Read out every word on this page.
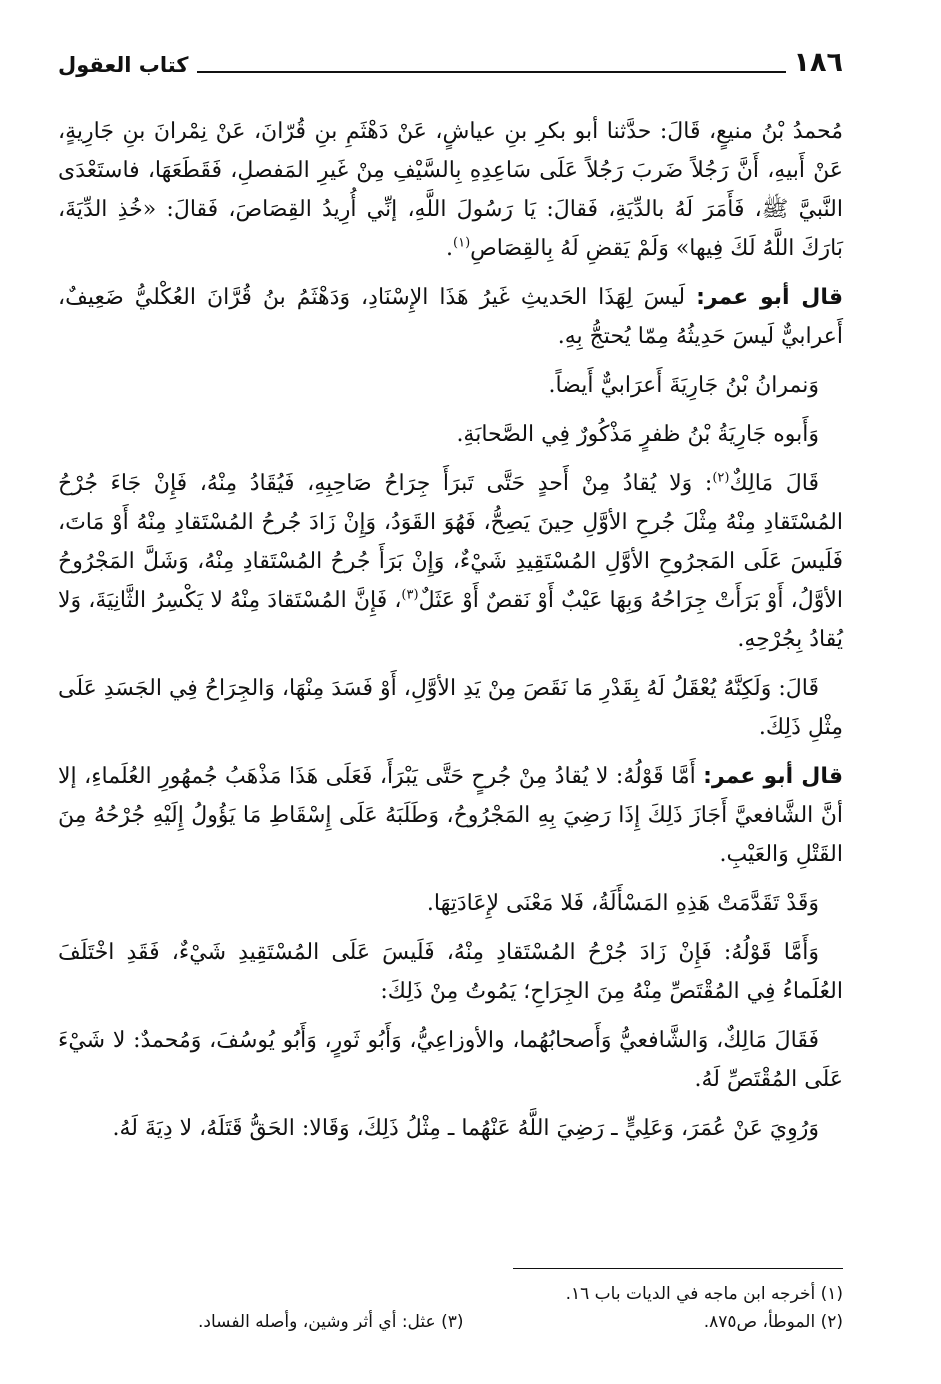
كتاب العقول	١٨٦

مُحمدُ بْنُ منيعٍ، قَالَ: حدَّثنا أبو بكرِ بنِ عياشٍ، عَنْ دَهْثَمِ بنِ قُرّانَ، عَنْ نِمْرانَ بنِ جَارِيةٍ، عَنْ أَبيهِ، أَنَّ رَجُلاً ضَربَ رَجُلاً عَلَى سَاعِدِهِ بِالسَّيْفِ مِنْ غَيرِ المَفصلِ، فَقَطَعَهَا، فاستَعْدَى النَّبيَّ ﷺ، فَأَمَرَ لَهُ بالدِّيَةِ، فَقالَ: يَا رَسُولَ اللَّهِ، إنِّي أُرِيدُ القِصَاصَ، فَقالَ: «خُذِ الدِّيَةَ، بَارَكَ اللَّهُ لَكَ فِيها» وَلَمْ يَقضِ لَهُ بِالقِصَاصِ$^{(١)}$.

قال أبو عمر: لَيسَ لِهَذَا الحَديثِ غَيرُ هَذَا الإِسْنَادِ، وَدَهْثَمُ بنُ قُرَّانَ العُكْليُّ ضَعِيفٌ، أَعرابيٌّ لَيسَ حَدِيثُهُ مِمّا يُحتجُّ بِهِ.

وَنمرانُ بْنُ جَارِيَةَ أَعرَابيٌّ أَيضاً.

وَأَبوه جَارِيَةُ بْنُ ظفرٍ مَذْكُورٌ فِي الصَّحابَةِ.

قَالَ مَالِكٌ$^{(٢)}$: وَلا يُقادُ مِنْ أَحدٍ حَتَّى تَبرَأَ جِرَاحُ صَاحِبِهِ، فَيُقَادُ مِنْهُ، فَإِنْ جَاءَ جُرْحُ المُسْتَقادِ مِنْهُ مِثْلَ جُرحِ الأوَّلِ حِينَ يَصِحُّ، فَهُوَ القَوَدُ، وَإِنْ زَادَ جُرحُ المُسْتَقادِ مِنْهُ أَوْ مَاتَ، فَلَيسَ عَلَى المَجرُوحِ الأوَّلِ المُسْتَقِيدِ شَيْءٌ، وَإِنْ بَرَأَ جُرحُ المُسْتَقادِ مِنْهُ، وَشَلَّ المَجْرُوحُ الأوَّلُ، أَوْ بَرَأَتْ جِرَاحُهُ وَبِهَا عَيْبٌ أَوْ نَقصٌ أَوْ عَثَلٌ$^{(٣)}$، فَإِنَّ المُسْتَقادَ مِنْهُ لا يَكْسِرُ الثَّانِيَةَ، وَلا يُقادُ بِجُرْحِهِ.

قَالَ: وَلَكِنَّهُ يُعْقَلُ لَهُ بِقَدْرِ مَا نَقَصَ مِنْ يَدِ الأوَّلِ، أَوْ فَسَدَ مِنْهَا، وَالجِرَاحُ فِي الجَسَدِ عَلَى مِثْلِ ذَلِكَ.

قال أبو عمر: أَمَّا قَوْلُهُ: لا يُقادُ مِنْ جُرحٍ حَتَّى يَبْرَأَ، فَعَلَى هَذَا مَذْهَبُ جُمهُورِ العُلَماءِ، إلا أنَّ الشَّافعيَّ أَجَازَ ذَلِكَ إِذَا رَضِيَ بِهِ المَجْرُوحُ، وَطَلَبَهُ عَلَى إِسْقَاطِ مَا يَؤُولُ إِلَيْهِ جُرْحُهُ مِنَ القَتْلِ وَالعَيْبِ.

وَقَدْ تَقَدَّمَتْ هَذِهِ المَسْأَلَةُ، فَلا مَعْنَى لإِعَادَتِهَا.

وَأَمَّا قَوْلُهُ: فَإِنْ زَادَ جُرْحُ المُسْتَقادِ مِنْهُ، فَلَيسَ عَلَى المُسْتَقِيدِ شَيْءٌ، فَقَدِ اخْتَلَفَ العُلَماءُ فِي المُقْتَصِّ مِنْهُ مِنَ الجِرَاحِ؛ يَمُوتُ مِنْ ذَلِكَ:

فَقَالَ مَالِكٌ، وَالشَّافعيُّ وَأَصحابُهُما، والأوزاعِيُّ، وَأَبُو ثَورٍ، وَأَبُو يُوسُفَ، وَمُحمدٌ: لا شَيْءَ عَلَى المُقْتَصِّ لَهُ.

وَرُوِيَ عَنْ عُمَرَ، وَعَلِيٍّ ـ رَضِيَ اللَّهُ عَنْهُما ـ مِثْلُ ذَلِكَ، وَقَالا: الحَقُّ قَتَلَهُ، لا دِيَةَ لَهُ.

(١) أخرجه ابن ماجه في الديات باب ١٦.
(٢) الموطأ، ص٨٧٥.
(٣) عثل: أي أثر وشين، وأصله الفساد.
